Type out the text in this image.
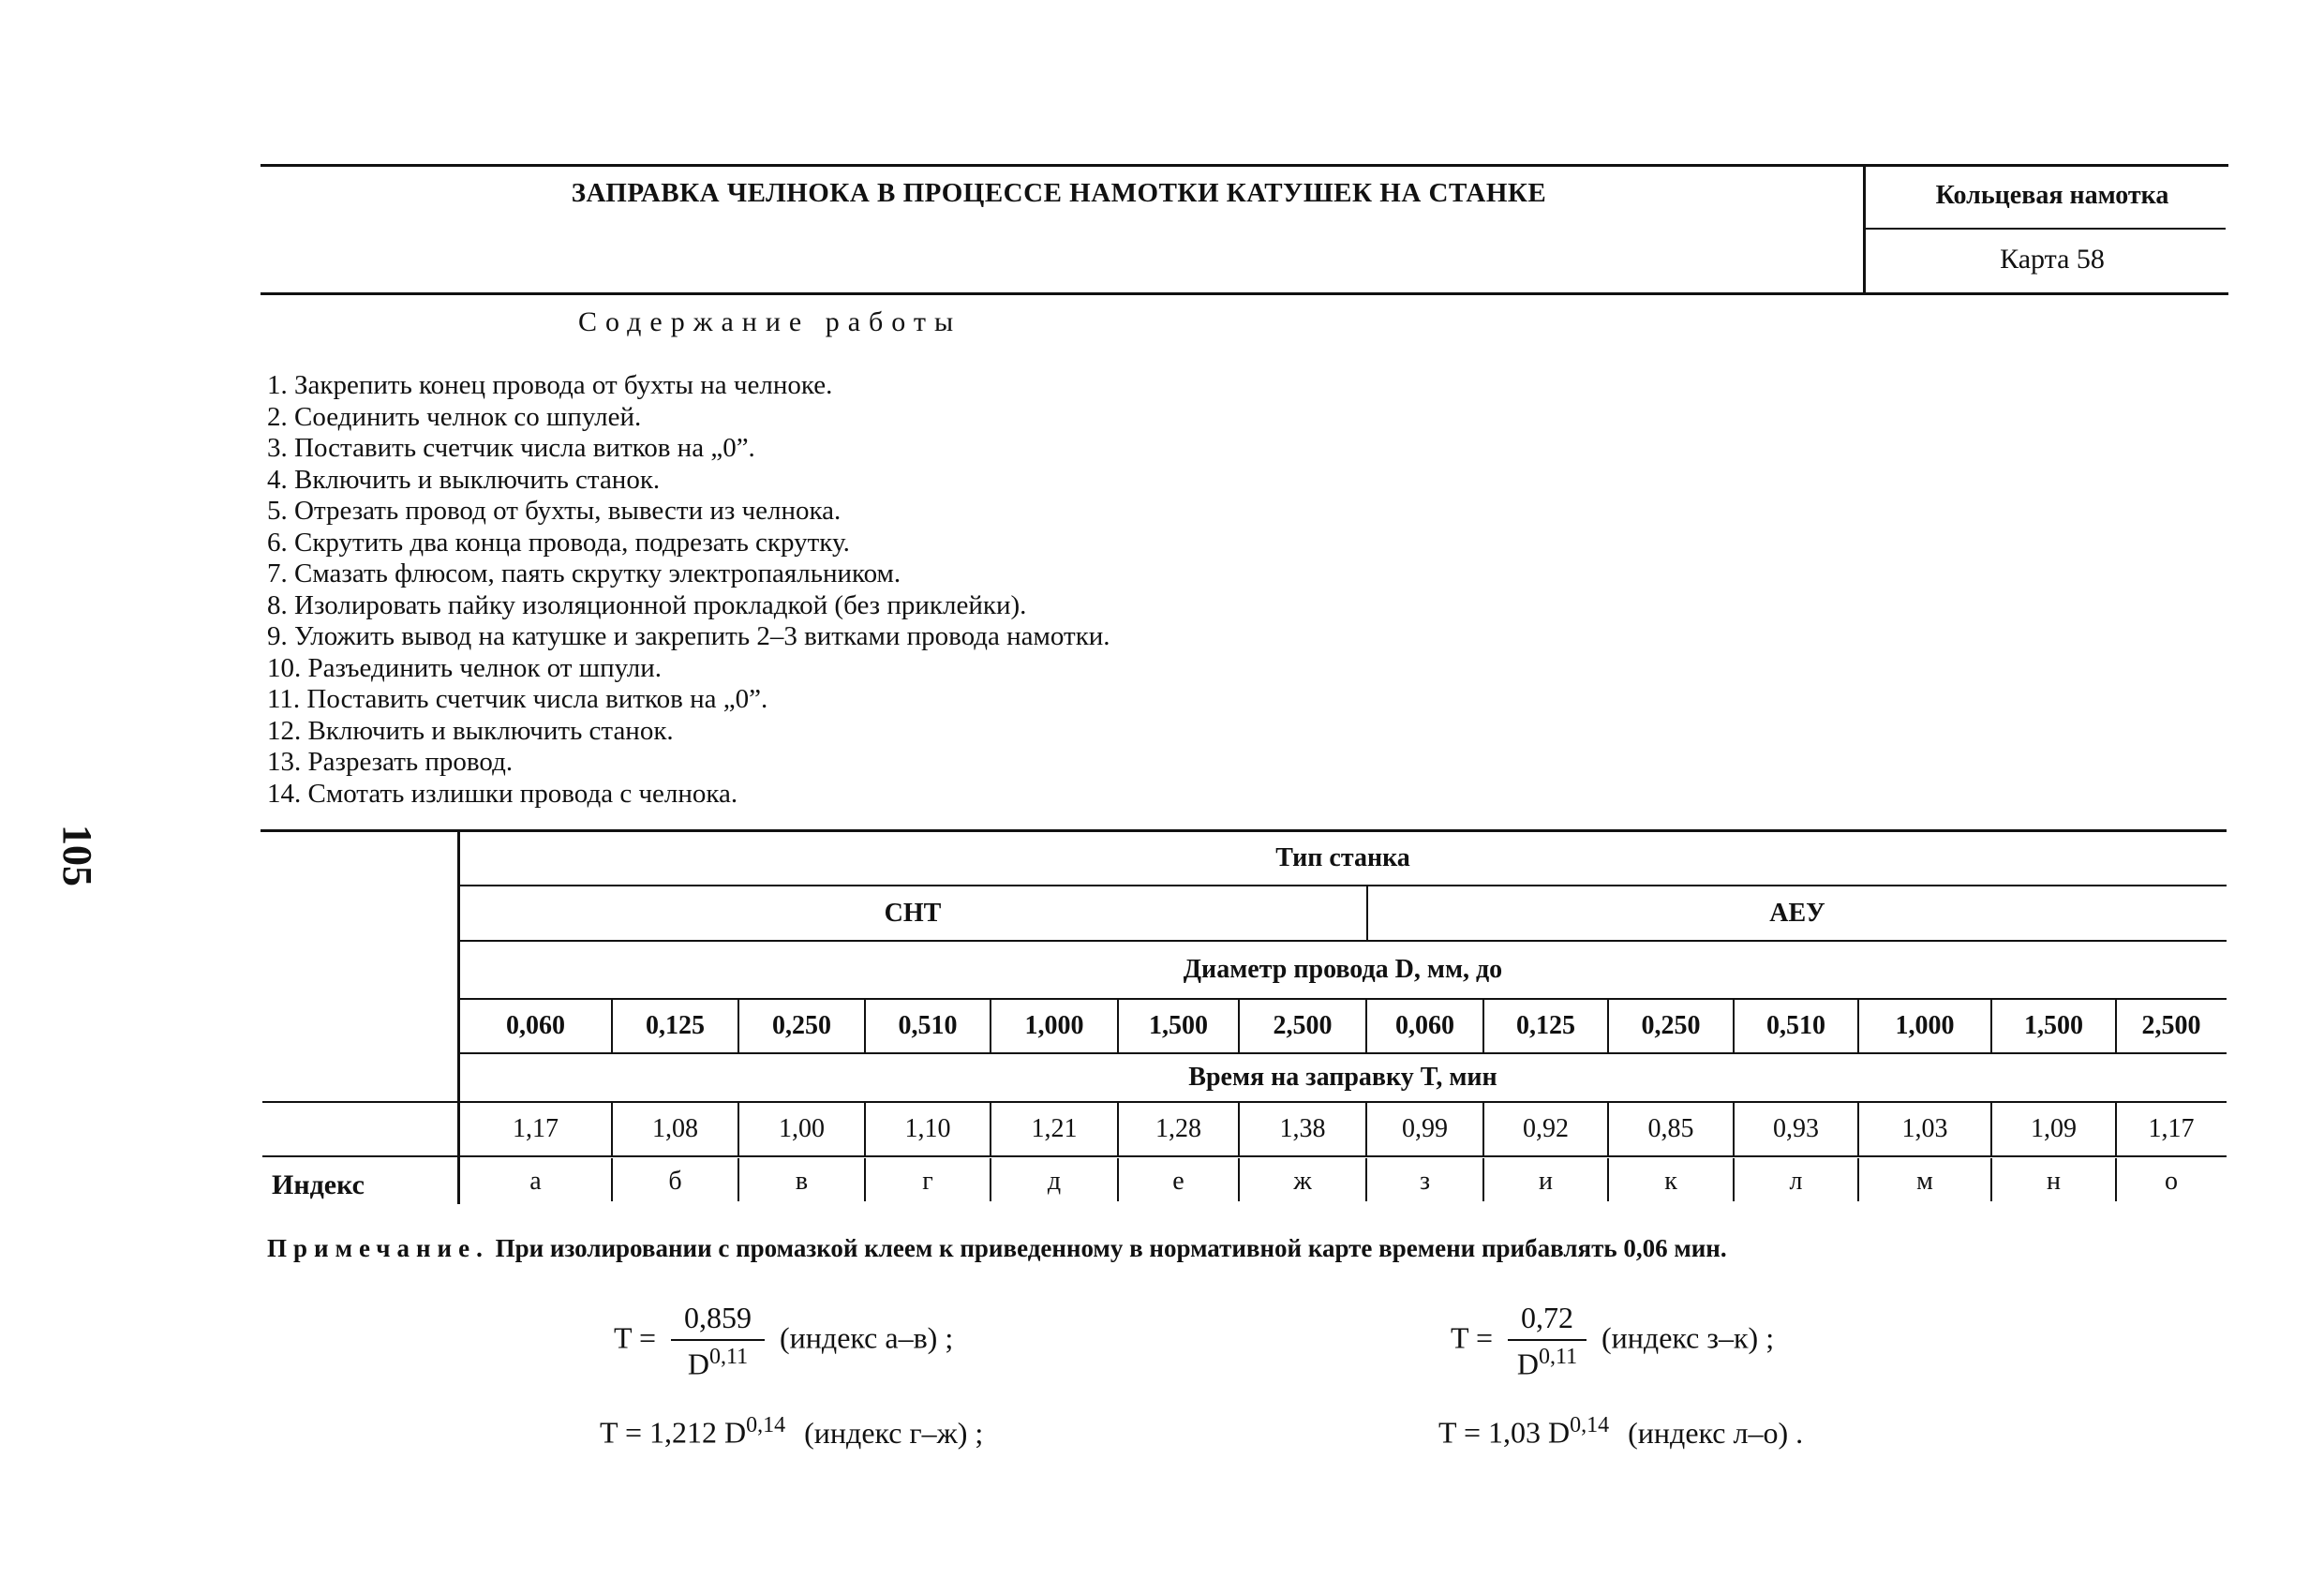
105
ЗАПРАВКА ЧЕЛНОКА В ПРОЦЕССЕ НАМОТКИ КАТУШЕК НА СТАНКЕ	Кольцевая намотка
Карта 58
Содержание работы
1. Закрепить конец провода от бухты на челноке.
2. Соединить челнок со шпулей.
3. Поставить счетчик числа витков на „0”.
4. Включить и выключить станок.
5. Отрезать провод от бухты, вывести из челнока.
6. Скрутить два конца провода, подрезать скрутку.
7. Смазать флюсом, паять скрутку электропаяльником.
8. Изолировать пайку изоляционной прокладкой (без приклейки).
9. Уложить вывод на катушке и закрепить 2–3 витками провода намотки.
10. Разъединить челнок от шпули.
11. Поставить счетчик числа витков на „0”.
12. Включить и выключить станок.
13. Разрезать провод.
14. Смотать излишки провода с челнока.
Тип станка
СНТ	АЕУ
Диаметр провода D, мм, до
0,060	0,125	0,250	0,510	1,000	1,500	2,500	0,060	0,125	0,250	0,510	1,000	1,500	2,500
Время на заправку T, мин
1,17	1,08	1,00	1,10	1,21	1,28	1,38	0,99	0,92	0,85	0,93	1,03	1,09	1,17
Индекс	а	б	в	г	д	е	ж	з	и	к	л	м	н	о
Примечание. При изолировании с промазкой клеем к приведенному в нормативной карте времени прибавлять 0,06 мин.
$T = \frac{0,859}{D^{0,11}}$ (индекс а–в) ;
T = 1,212 D$^{0,14}$ (индекс г–ж) ;
$T = \frac{0,72}{D^{0,11}}$ (индекс з–к) ;
T = 1,03 D$^{0,14}$ (индекс л–о) .
